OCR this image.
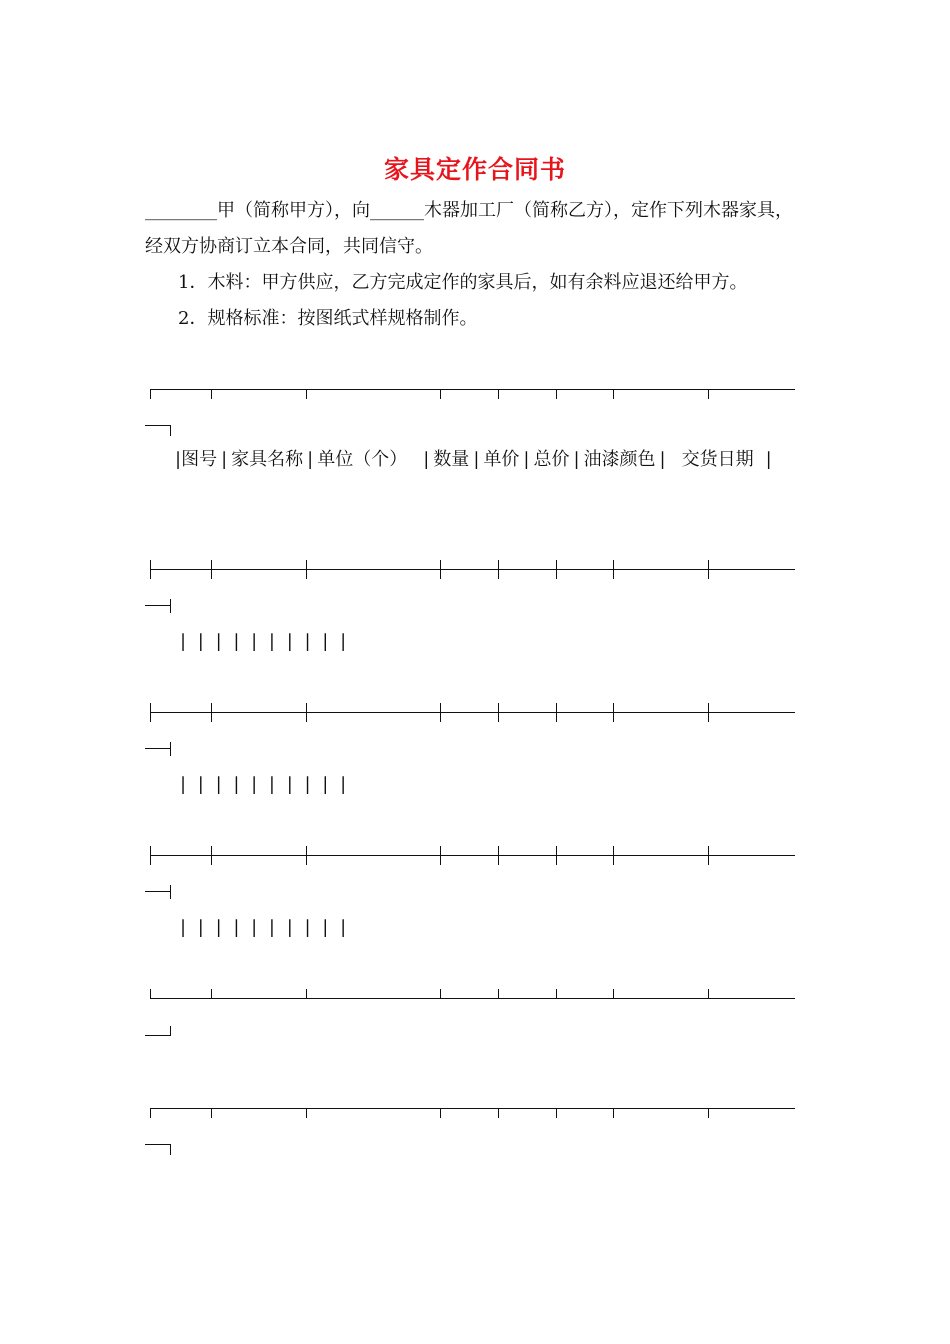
家具定作合同书
________甲（简称甲方），向______木器加工厂（简称乙方），定作下列木器家具，经双方协商订立本合同，共同信守。
1．木料：甲方供应，乙方完成定作的家具后，如有余料应退还给甲方。
2．规格标准：按图纸式样规格制作。
|图号 | 家具名称 | 单位（个） | 数量 | 单价 | 总价 | 油漆颜色 | 交货日期 |
| | | | | | | | | |
| | | | | | | | | |
| | | | | | | | | |
